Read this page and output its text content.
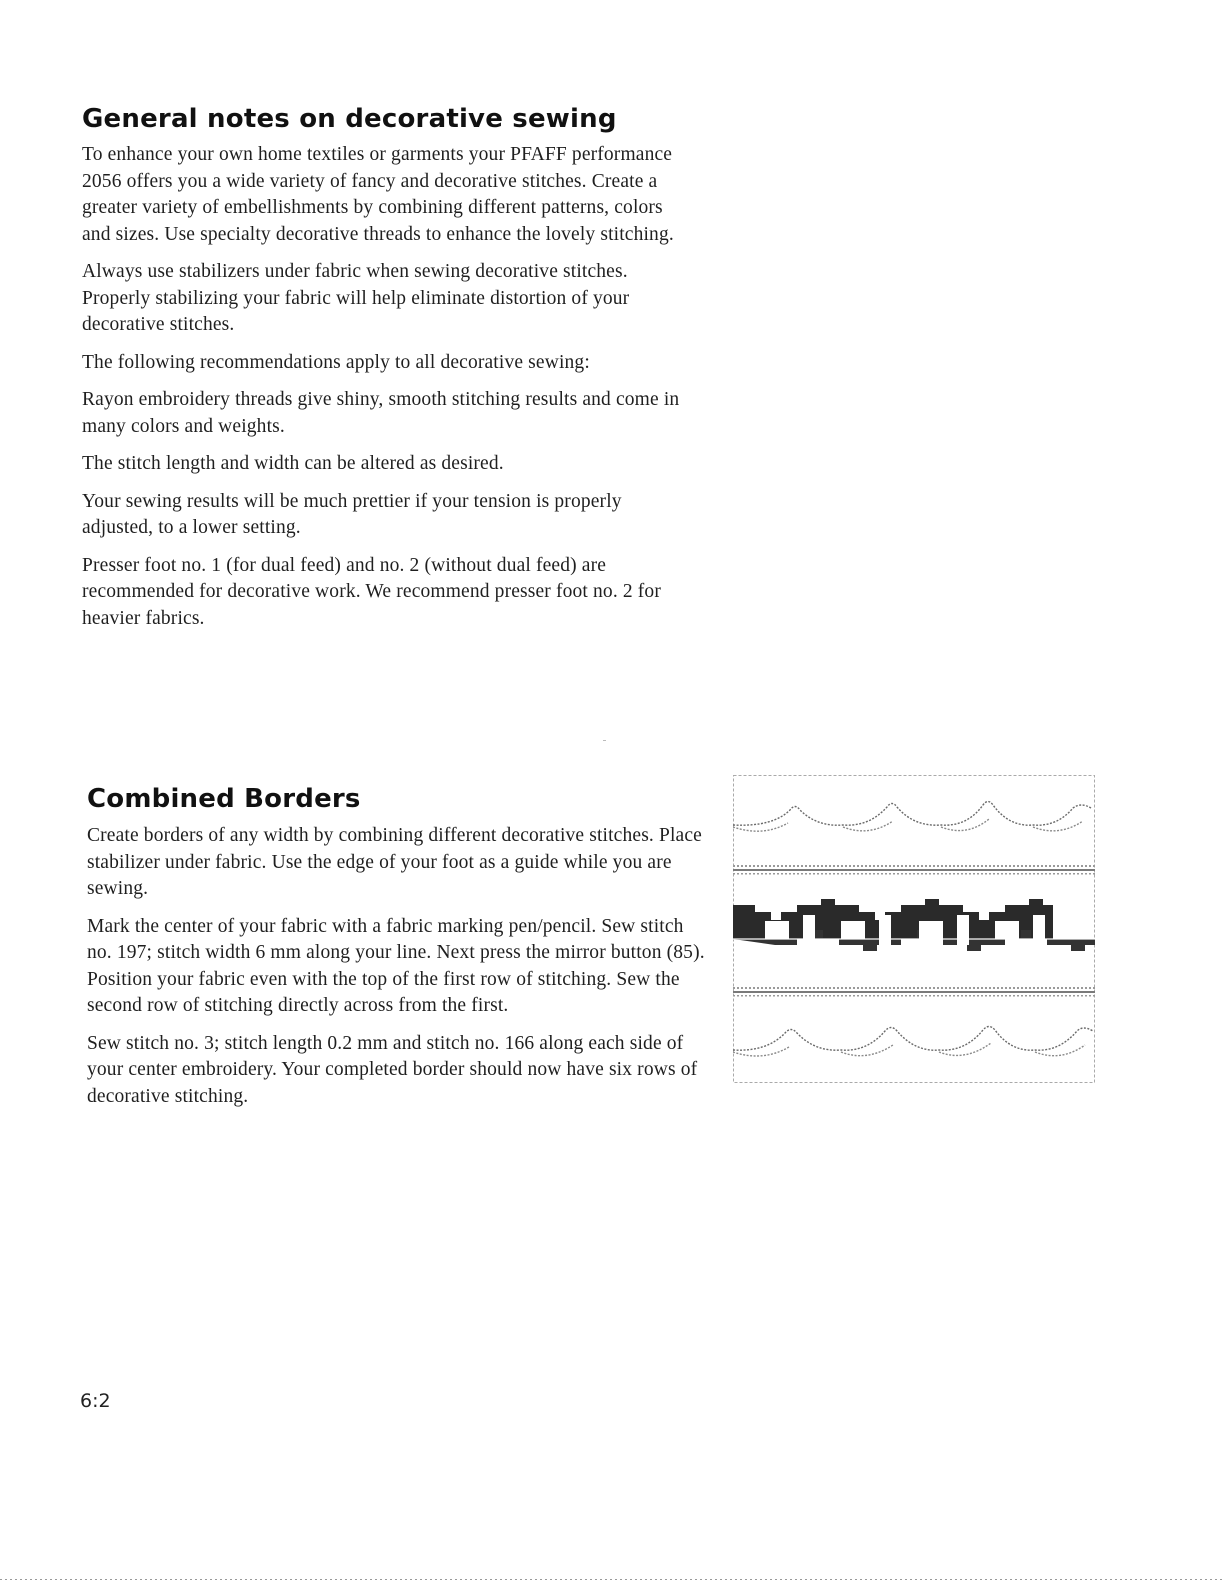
General notes on decorative sewing

To enhance your own home textiles or garments your PFAFF performance 2056 offers you a wide variety of fancy and decorative stitches. Create a greater variety of embellishments by combining different patterns, colors and sizes. Use specialty decorative threads to enhance the lovely stitching.

Always use stabilizers under fabric when sewing decorative stitches. Properly stabilizing your fabric will help eliminate distortion of your decorative stitches.

The following recommendations apply to all decorative sewing:

Rayon embroidery threads give shiny, smooth stitching results and come in many colors and weights.

The stitch length and width can be altered as desired.

Your sewing results will be much prettier if your tension is properly adjusted, to a lower setting.

Presser foot no. 1 (for dual feed) and no. 2 (without dual feed) are recommended for decorative work. We recommend presser foot no. 2 for heavier fabrics.

Combined Borders

Create borders of any width by combining different decorative stitches. Place stabilizer under fabric. Use the edge of your foot as a guide while you are sewing.

Mark the center of your fabric with a fabric marking pen/pencil. Sew stitch no. 197; stitch width 6 mm along your line. Next press the mirror button (85). Position your fabric even with the top of the first row of stitching. Sew the second row of stitching directly across from the first.

Sew stitch no. 3; stitch length 0.2 mm and stitch no. 166 along each side of your center embroidery. Your completed border should now have six rows of decorative stitching.

6:2
